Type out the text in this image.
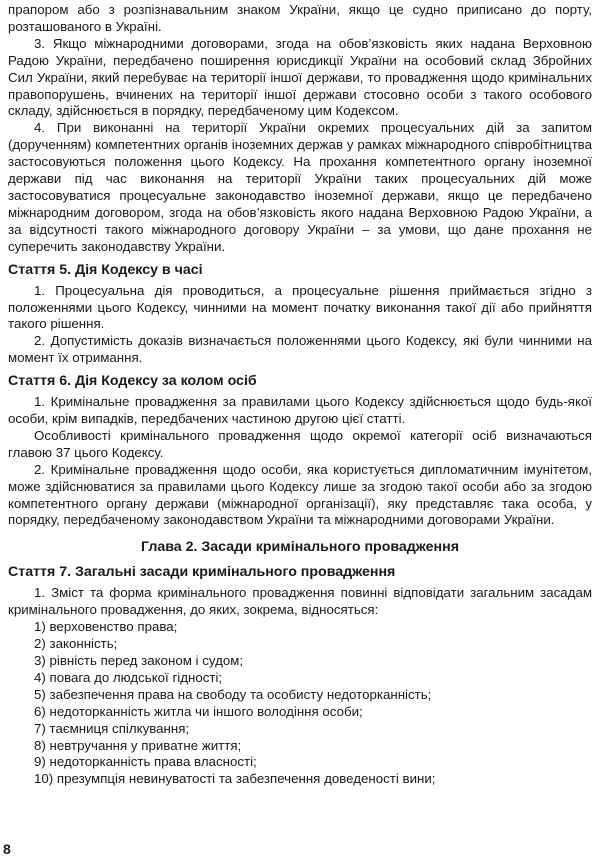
прапором або з розпізнавальним знаком України, якщо це судно приписано до порту, розташованого в Україні.

3. Якщо міжнародними договорами, згода на обов’язковість яких надана Верховною Радою України, передбачено поширення юрисдикції України на особовий склад Збройних Сил України, який перебуває на території іншої держави, то провадження щодо кримінальних правопорушень, вчинених на території іншої держави стосовно особи з такого особового складу, здійснюється в порядку, передбаченому цим Кодексом.

4. При виконанні на території України окремих процесуальних дій за запитом (дорученням) компетентних органів іноземних держав у рамках міжнародного співробітництва застосовуються положення цього Кодексу. На прохання компетентного органу іноземної держави під час виконання на території України таких процесуальних дій може застосовуватися процесуальне законодавство іноземної держави, якщо це передбачено міжнародним договором, згода на обов’язковість якого надана Верховною Радою України, а за відсутності такого міжнародного договору України – за умови, що дане прохання не суперечить законодавству України.

Стаття 5. Дія Кодексу в часі

1. Процесуальна дія проводиться, а процесуальне рішення приймається згідно з положеннями цього Кодексу, чинними на момент початку виконання такої дії або прийняття такого рішення.

2. Допустимість доказів визначається положеннями цього Кодексу, які були чинними на момент їх отримання.

Стаття 6. Дія Кодексу за колом осіб

1. Кримінальне провадження за правилами цього Кодексу здійснюється щодо будь-якої особи, крім випадків, передбачених частиною другою цієї статті.

Особливості кримінального провадження щодо окремої категорії осіб визначаються главою 37 цього Кодексу.

2. Кримінальне провадження щодо особи, яка користується дипломатичним імунітетом, може здійснюватися за правилами цього Кодексу лише за згодою такої особи або за згодою компетентного органу держави (міжнародної організації), яку представляє така особа, у порядку, передбаченому законодавством України та міжнародними договорами України.

Глава 2. Засади кримінального провадження
Стаття 7. Загальні засади кримінального провадження

1. Зміст та форма кримінального провадження повинні відповідати загальним засадам кримінального провадження, до яких, зокрема, відносяться:

1) верховенство права;

2) законність;

3) рівність перед законом і судом;

4) повага до людської гідності;

5) забезпечення права на свободу та особисту недоторканність;

6) недоторканність житла чи іншого володіння особи;

7) таємниця спілкування;

8) невтручання у приватне життя;

9) недоторканність права власності;

10) презумпція невинуватості та забезпечення доведеності вини;

8
